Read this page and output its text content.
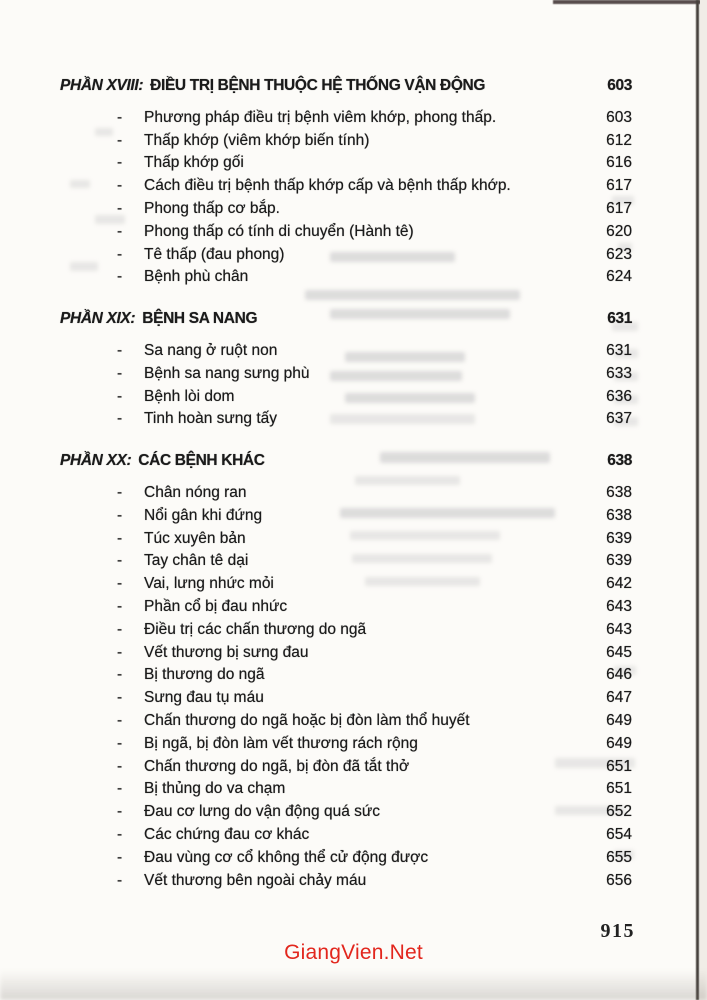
PHẦN XVIII: ĐIỀU TRỊ BỆNH THUỘC HỆ THỐNG VẬN ĐỘNG	603
-	Phương pháp điều trị bệnh viêm khớp, phong thấp.	603
-	Thấp khớp (viêm khớp biến tính)	612
-	Thấp khớp gối	616
-	Cách điều trị bệnh thấp khớp cấp và bệnh thấp khớp.	617
-	Phong thấp cơ bắp.	617
-	Phong thấp có tính di chuyển (Hành tê)	620
-	Tê thấp (đau phong)	623
-	Bệnh phù chân	624
PHẦN XIX: BỆNH SA NANG	631
-	Sa nang ở ruột non	631
-	Bệnh sa nang sưng phù	633
-	Bệnh lòi dom	636
-	Tinh hoàn sưng tấy	637
PHẦN XX: CÁC BỆNH KHÁC	638
-	Chân nóng ran	638
-	Nổi gân khi đứng	638
-	Túc xuyên bản	639
-	Tay chân tê dại	639
-	Vai, lưng nhức mỏi	642
-	Phần cổ bị đau nhức	643
-	Điều trị các chấn thương do ngã	643
-	Vết thương bị sưng đau	645
-	Bị thương do ngã	646
-	Sưng đau tụ máu	647
-	Chấn thương do ngã hoặc bị đòn làm thổ huyết	649
-	Bị ngã, bị đòn làm vết thương rách rộng	649
-	Chấn thương do ngã, bị đòn đã tắt thở	651
-	Bị thủng do va chạm	651
-	Đau cơ lưng do vận động quá sức	652
-	Các chứng đau cơ khác	654
-	Đau vùng cơ cổ không thể cử động được	655
-	Vết thương bên ngoài chảy máu	656
915
GiangVien.Net
